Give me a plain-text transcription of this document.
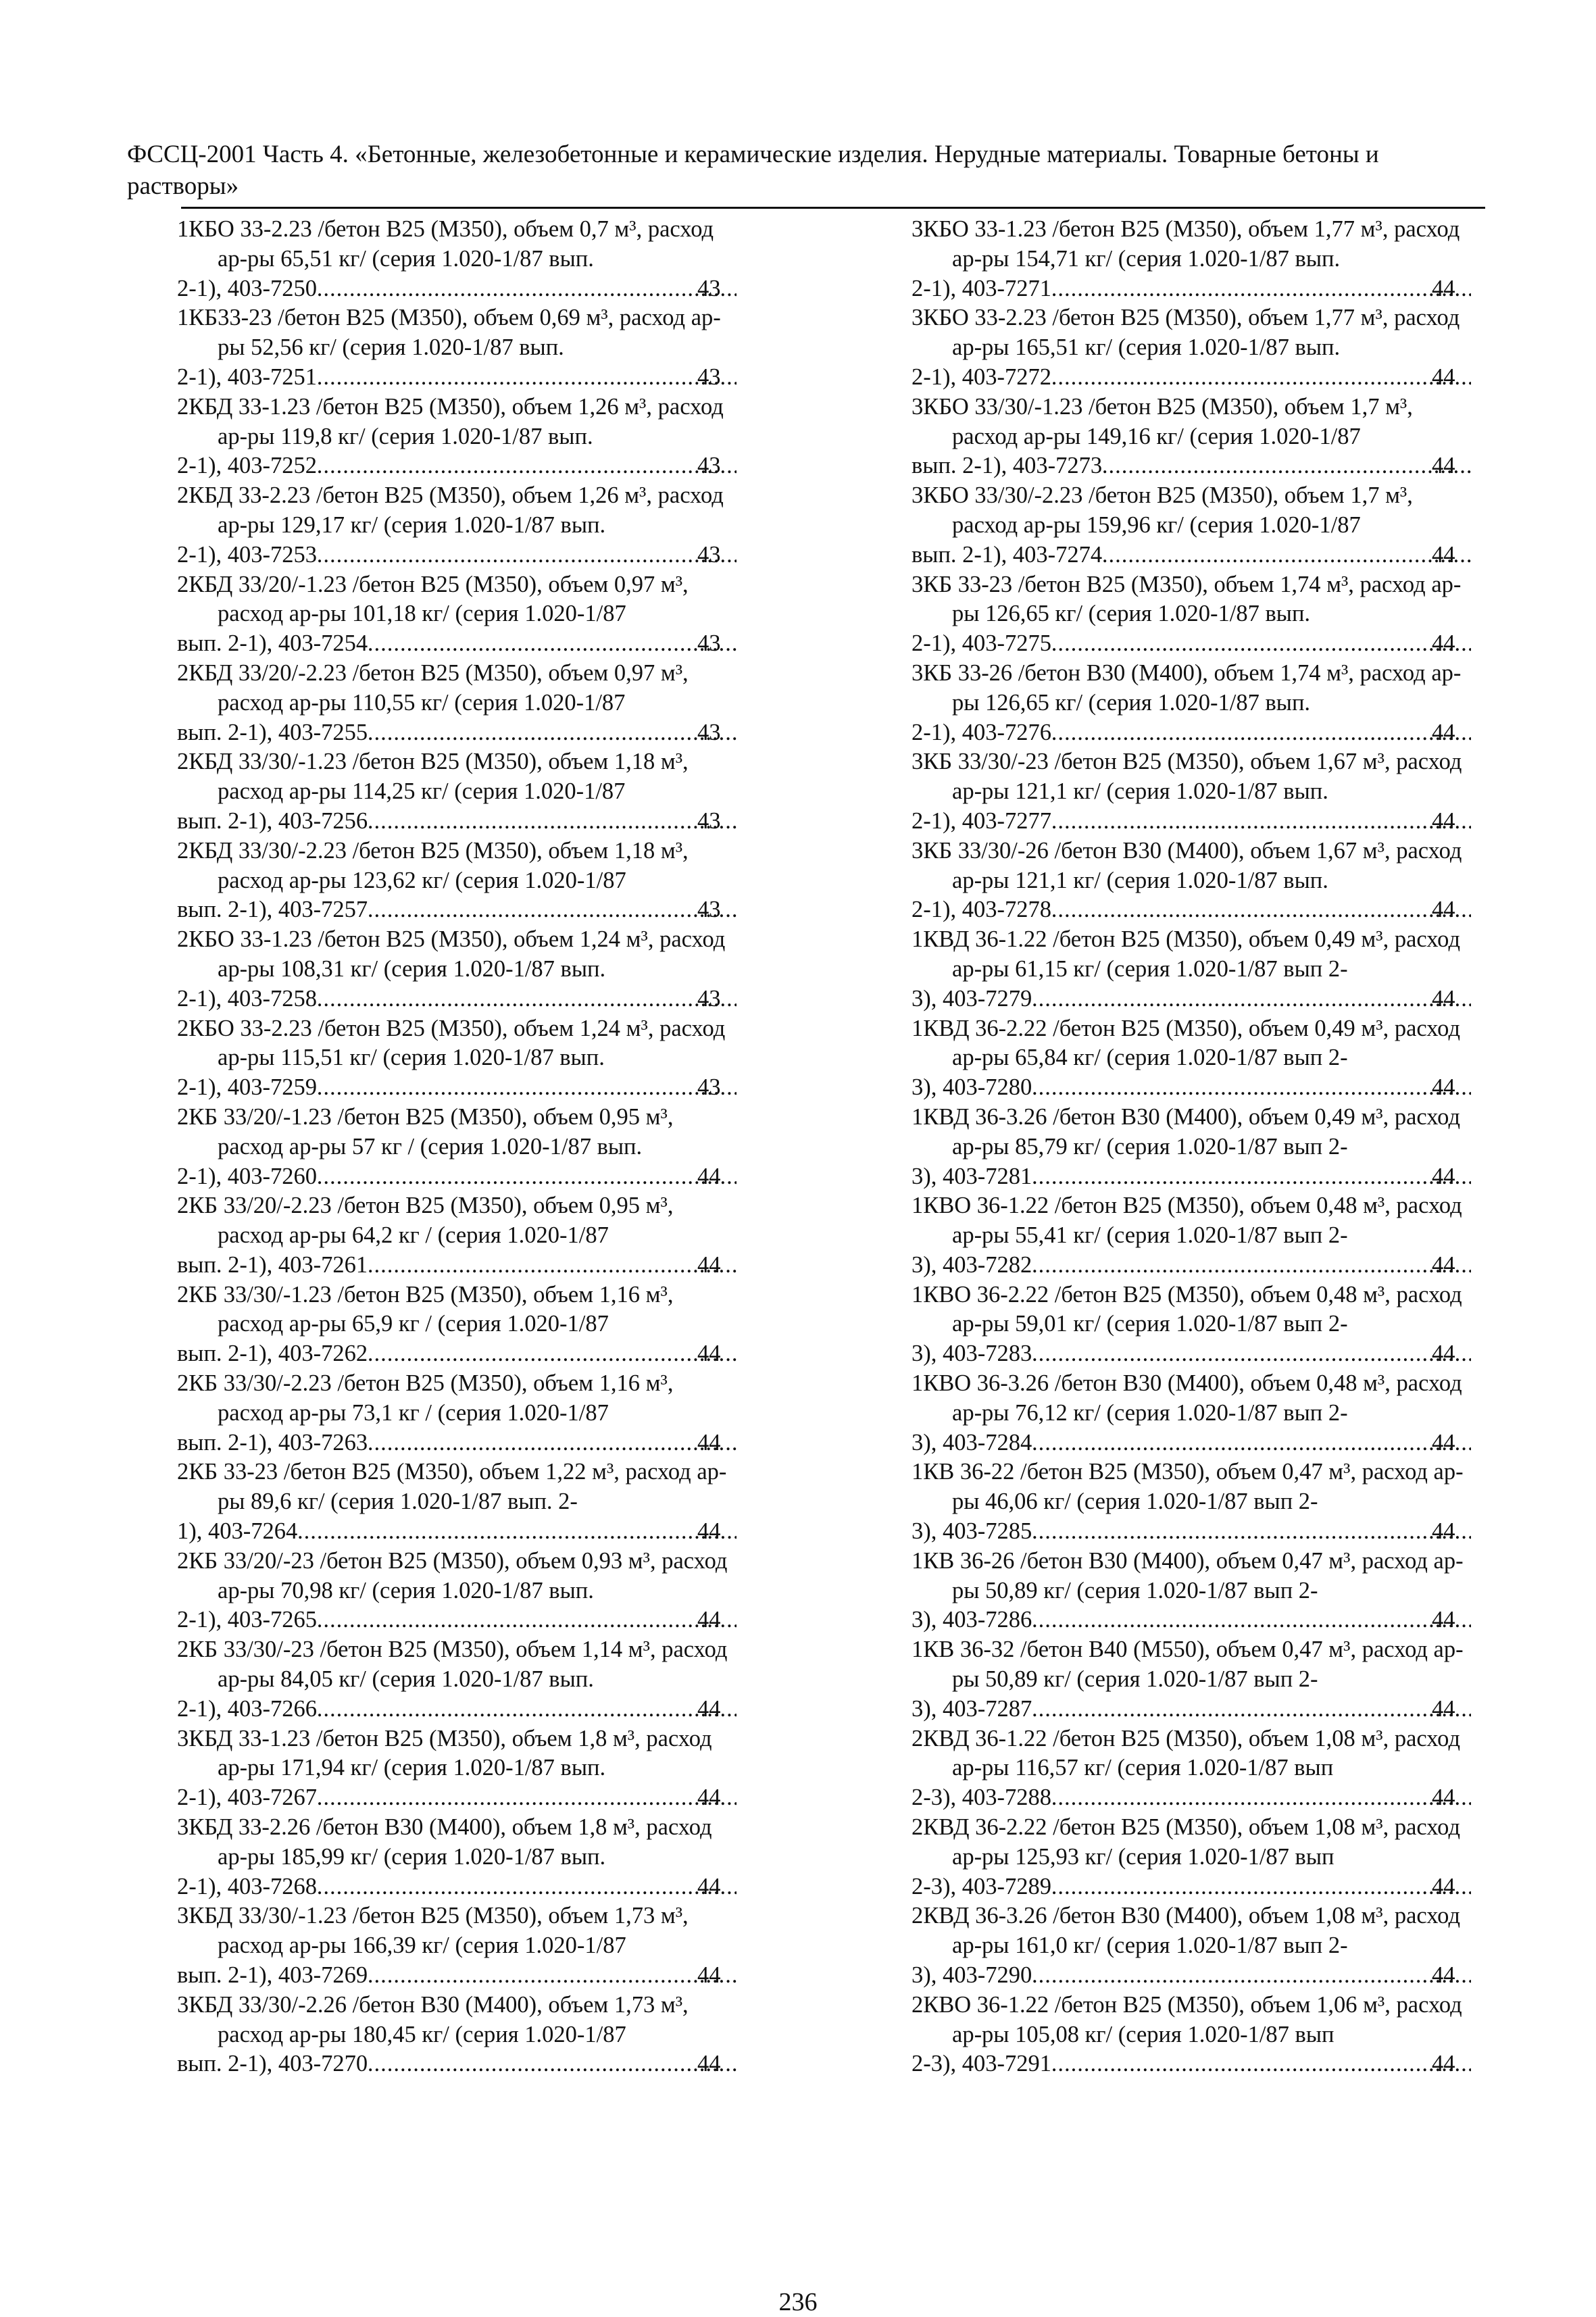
ФССЦ-2001 Часть 4. «Бетонные, железобетонные и керамические изделия. Нерудные материалы. Товарные бетоны и растворы»
1КБО 33-2.23 /бетон В25 (М350), объем 0,7 м³, расход ар-ры 65,51 кг/ (серия 1.020-1/87 вып.
2-1), 403-7250 .....	43
1КБ33-23 /бетон В25 (М350), объем 0,69 м³, расход ар-ры 52,56 кг/ (серия 1.020-1/87 вып.
2-1), 403-7251 .....	43
2КБД 33-1.23 /бетон В25 (М350), объем 1,26 м³, расход ар-ры 119,8 кг/ (серия 1.020-1/87 вып.
2-1), 403-7252 .....	43
2КБД 33-2.23 /бетон В25 (М350), объем 1,26 м³, расход ар-ры 129,17 кг/ (серия 1.020-1/87 вып.
2-1), 403-7253 .....	43
2КБД 33/20/-1.23 /бетон В25 (М350), объем 0,97 м³, расход ар-ры 101,18 кг/ (серия 1.020-1/87
вып. 2-1), 403-7254 .....	43
2КБД 33/20/-2.23 /бетон В25 (М350), объем 0,97 м³, расход ар-ры 110,55 кг/ (серия 1.020-1/87
вып. 2-1), 403-7255 .....	43
2КБД 33/30/-1.23 /бетон В25 (М350), объем 1,18 м³, расход ар-ры 114,25 кг/ (серия 1.020-1/87
вып. 2-1), 403-7256 .....	43
2КБД 33/30/-2.23 /бетон В25 (М350), объем 1,18 м³, расход ар-ры 123,62 кг/ (серия 1.020-1/87
вып. 2-1), 403-7257 .....	43
2КБО 33-1.23 /бетон В25 (М350), объем 1,24 м³, расход ар-ры 108,31 кг/ (серия 1.020-1/87 вып.
2-1), 403-7258 .....	43
2КБО 33-2.23 /бетон В25 (М350), объем 1,24 м³, расход ар-ры 115,51 кг/ (серия 1.020-1/87 вып.
2-1), 403-7259 .....	43
2КБ 33/20/-1.23 /бетон В25 (М350), объем 0,95 м³, расход ар-ры 57 кг / (серия 1.020-1/87 вып.
2-1), 403-7260 .....	44
2КБ 33/20/-2.23 /бетон В25 (М350), объем 0,95 м³, расход ар-ры 64,2 кг / (серия 1.020-1/87
вып. 2-1), 403-7261 .....	44
2КБ 33/30/-1.23 /бетон В25 (М350), объем 1,16 м³, расход ар-ры 65,9 кг / (серия 1.020-1/87
вып. 2-1), 403-7262 .....	44
2КБ 33/30/-2.23 /бетон В25 (М350), объем 1,16 м³, расход ар-ры 73,1 кг / (серия 1.020-1/87
вып. 2-1), 403-7263 .....	44
2КБ 33-23 /бетон В25 (М350), объем 1,22 м³, расход ар-ры 89,6 кг/ (серия 1.020-1/87 вып. 2-
1), 403-7264 .....	44
2КБ 33/20/-23 /бетон В25 (М350), объем 0,93 м³, расход ар-ры 70,98 кг/ (серия 1.020-1/87 вып.
2-1), 403-7265 .....	44
2КБ 33/30/-23 /бетон В25 (М350), объем 1,14 м³, расход ар-ры 84,05 кг/ (серия 1.020-1/87 вып.
2-1), 403-7266 .....	44
3КБД 33-1.23 /бетон В25 (М350), объем 1,8 м³, расход ар-ры 171,94 кг/ (серия 1.020-1/87 вып.
2-1), 403-7267 .....	44
3КБД 33-2.26 /бетон В30 (М400), объем 1,8 м³, расход ар-ры 185,99 кг/ (серия 1.020-1/87 вып.
2-1), 403-7268 .....	44
3КБД 33/30/-1.23 /бетон В25 (М350), объем 1,73 м³, расход ар-ры 166,39 кг/ (серия 1.020-1/87
вып. 2-1), 403-7269 .....	44
3КБД 33/30/-2.26 /бетон В30 (М400), объем 1,73 м³, расход ар-ры 180,45 кг/ (серия 1.020-1/87
вып. 2-1), 403-7270 .....	44
3КБО 33-1.23 /бетон В25 (М350), объем 1,77 м³, расход ар-ры 154,71 кг/ (серия 1.020-1/87 вып.
2-1), 403-7271 .....	44
3КБО 33-2.23 /бетон В25 (М350), объем 1,77 м³, расход ар-ры 165,51 кг/ (серия 1.020-1/87 вып.
2-1), 403-7272 .....	44
3КБО 33/30/-1.23 /бетон В25 (М350), объем 1,7 м³, расход ар-ры 149,16 кг/ (серия 1.020-1/87
вып. 2-1), 403-7273 .....	44
3КБО 33/30/-2.23 /бетон В25 (М350), объем 1,7 м³, расход ар-ры 159,96 кг/ (серия 1.020-1/87
вып. 2-1), 403-7274 .....	44
3КБ 33-23 /бетон В25 (М350), объем 1,74 м³, расход ар-ры 126,65 кг/ (серия 1.020-1/87 вып.
2-1), 403-7275 .....	44
3КБ 33-26 /бетон В30 (М400), объем 1,74 м³, расход ар-ры 126,65 кг/ (серия 1.020-1/87 вып.
2-1), 403-7276 .....	44
3КБ 33/30/-23 /бетон В25 (М350), объем 1,67 м³, расход ар-ры 121,1 кг/ (серия 1.020-1/87 вып.
2-1), 403-7277 .....	44
3КБ 33/30/-26 /бетон В30 (М400), объем 1,67 м³, расход ар-ры 121,1 кг/ (серия 1.020-1/87 вып.
2-1), 403-7278 .....	44
1КВД 36-1.22 /бетон В25 (М350), объем 0,49 м³, расход ар-ры 61,15 кг/ (серия 1.020-1/87 вып 2-
3), 403-7279 .....	44
1КВД 36-2.22 /бетон В25 (М350), объем 0,49 м³, расход ар-ры 65,84 кг/ (серия 1.020-1/87 вып 2-
3), 403-7280 .....	44
1КВД 36-3.26 /бетон В30 (М400), объем 0,49 м³, расход ар-ры 85,79 кг/ (серия 1.020-1/87 вып 2-
3), 403-7281 .....	44
1КВО 36-1.22 /бетон В25 (М350), объем 0,48 м³, расход ар-ры 55,41 кг/ (серия 1.020-1/87 вып 2-
3), 403-7282 .....	44
1КВО 36-2.22 /бетон В25 (М350), объем 0,48 м³, расход ар-ры 59,01 кг/ (серия 1.020-1/87 вып 2-
3), 403-7283 .....	44
1КВО 36-3.26 /бетон В30 (М400), объем 0,48 м³, расход ар-ры 76,12 кг/ (серия 1.020-1/87 вып 2-
3), 403-7284 .....	44
1КВ 36-22 /бетон В25 (М350), объем 0,47 м³, расход ар-ры 46,06 кг/ (серия 1.020-1/87 вып 2-
3), 403-7285 .....	44
1КВ 36-26 /бетон В30 (М400), объем 0,47 м³, расход ар-ры 50,89 кг/ (серия 1.020-1/87 вып 2-
3), 403-7286 .....	44
1КВ 36-32 /бетон В40 (М550), объем 0,47 м³, расход ар-ры 50,89 кг/ (серия 1.020-1/87 вып 2-
3), 403-7287 .....	44
2КВД 36-1.22 /бетон В25 (М350), объем 1,08 м³, расход ар-ры 116,57 кг/ (серия 1.020-1/87 вып
2-3), 403-7288 .....	44
2КВД 36-2.22 /бетон В25 (М350), объем 1,08 м³, расход ар-ры 125,93 кг/ (серия 1.020-1/87 вып
2-3), 403-7289 .....	44
2КВД 36-3.26 /бетон В30 (М400), объем 1,08 м³, расход ар-ры 161,0 кг/ (серия 1.020-1/87 вып 2-
3), 403-7290 .....	44
2КВО 36-1.22 /бетон В25 (М350), объем 1,06 м³, расход ар-ры 105,08 кг/ (серия 1.020-1/87 вып
2-3), 403-7291 .....	44
236
